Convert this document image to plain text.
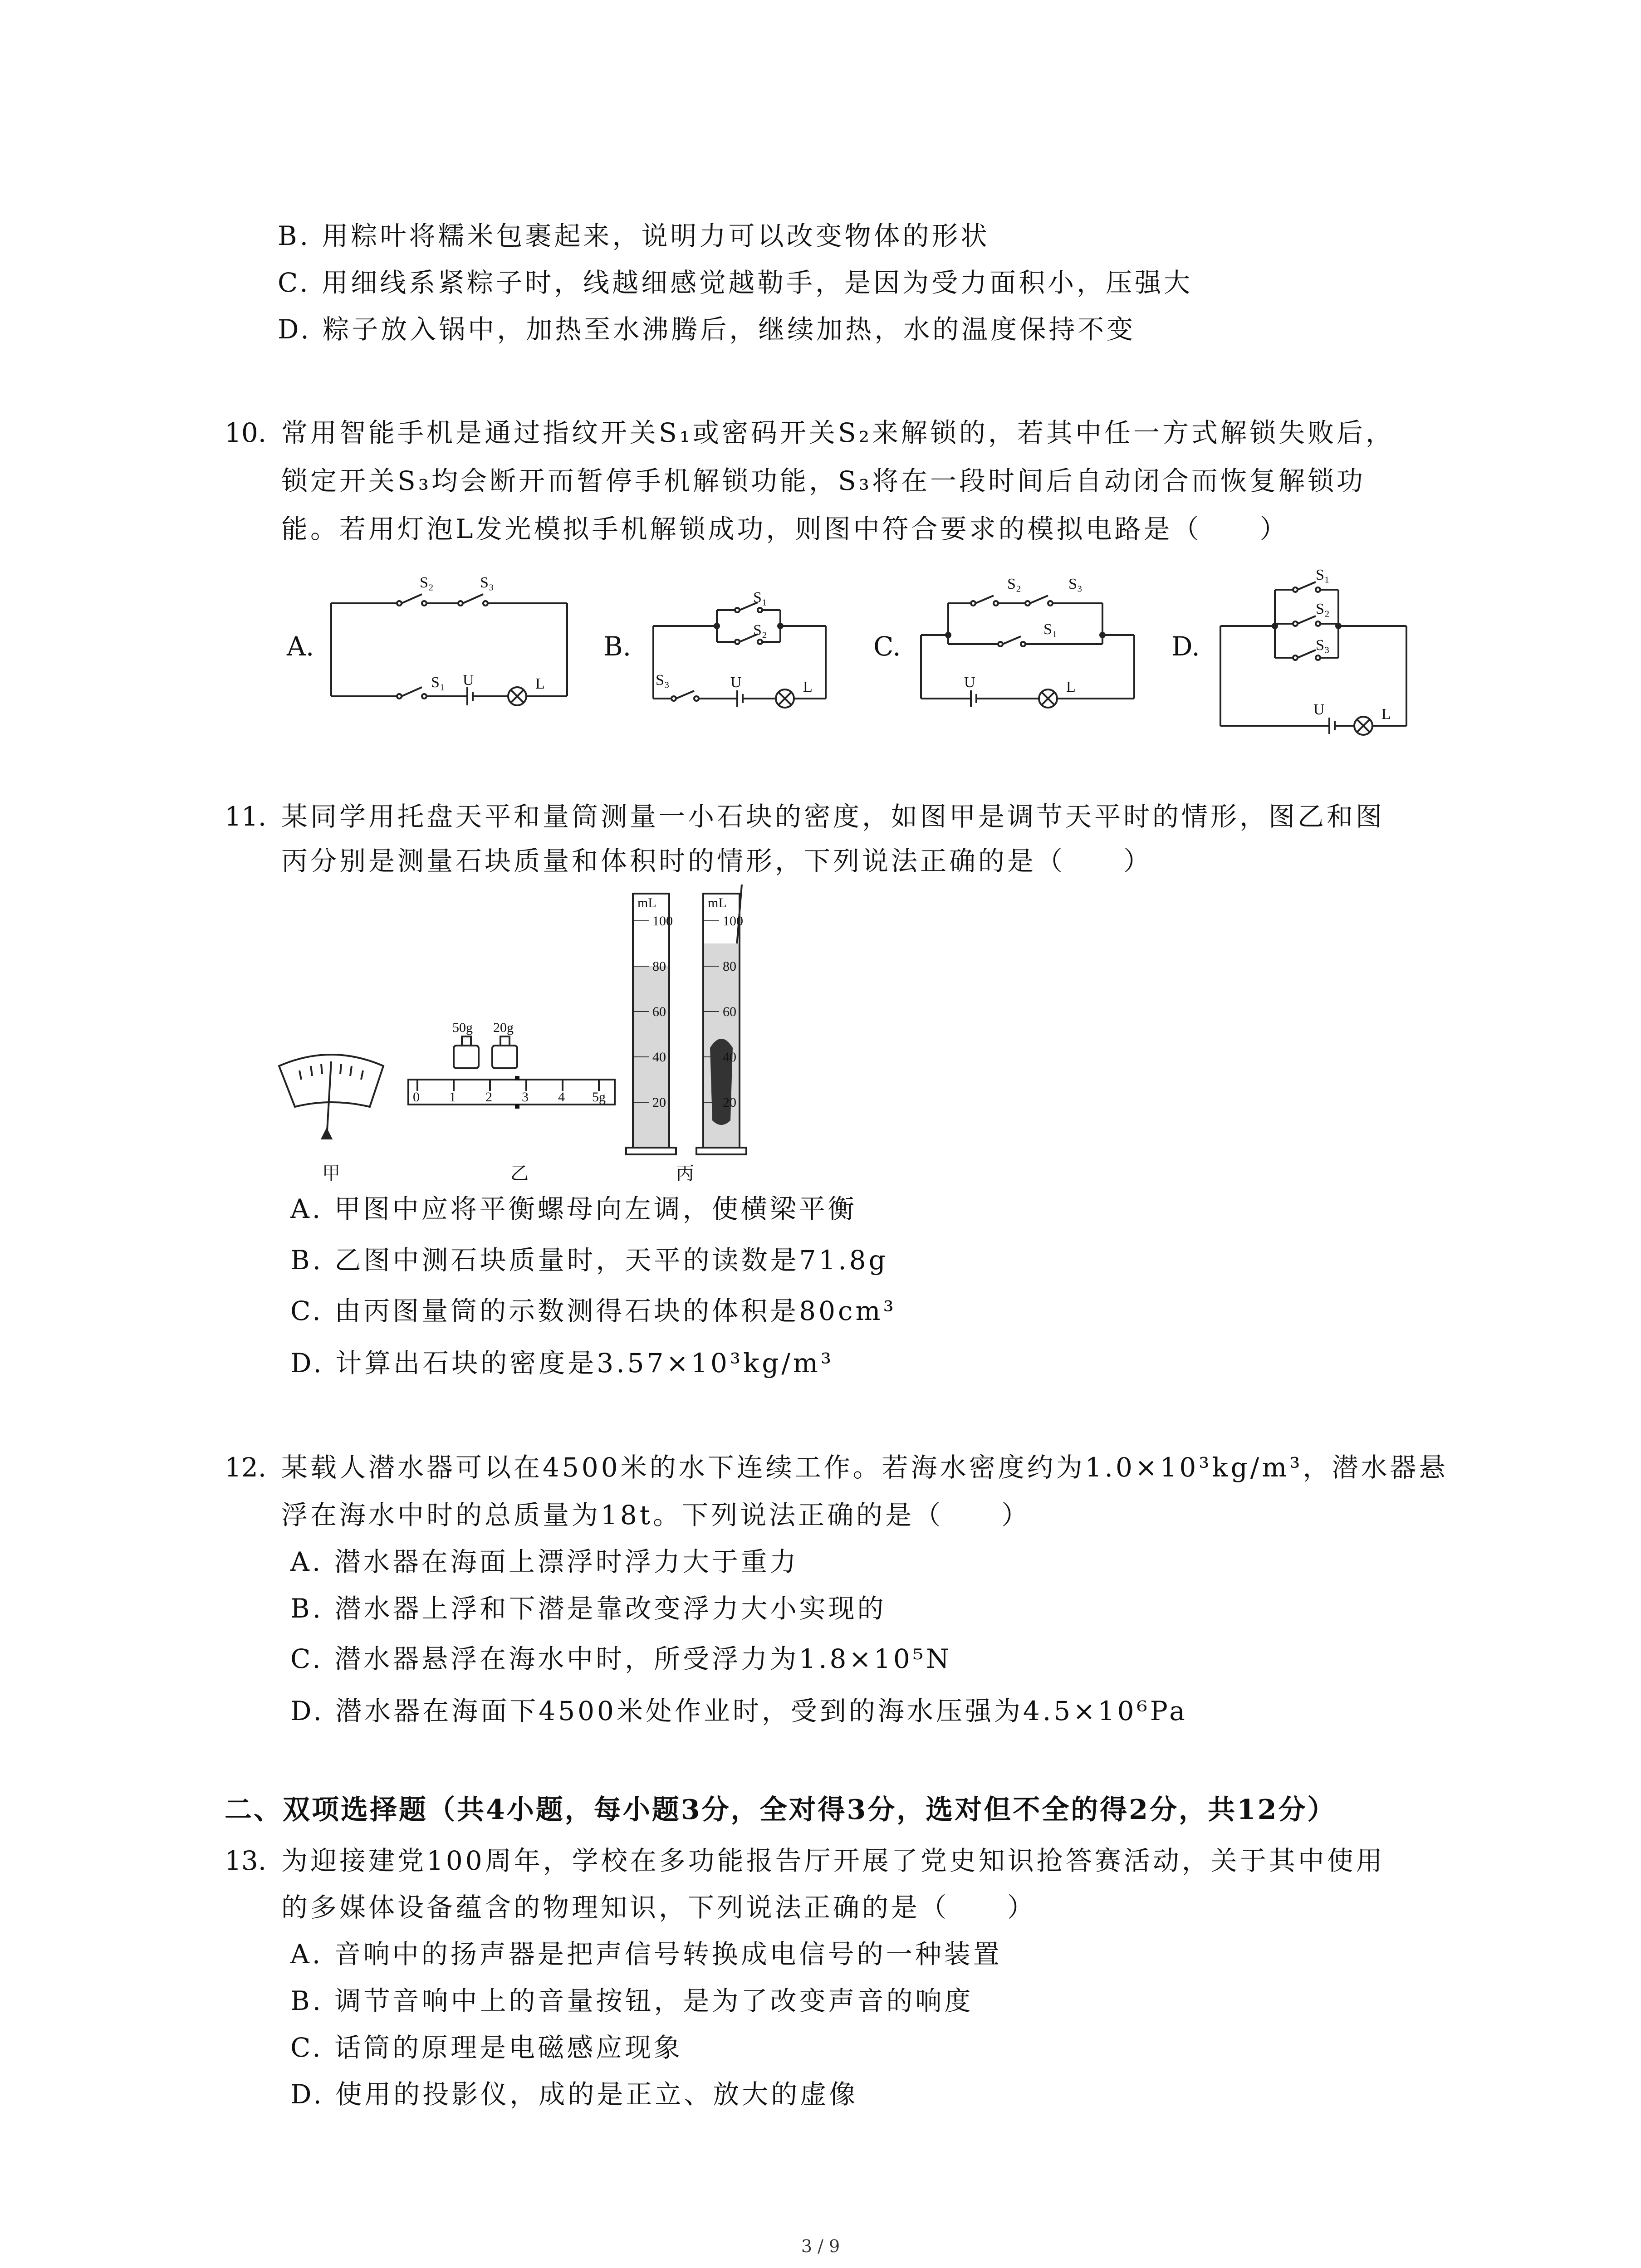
B. 用粽叶将糯米包裹起来，说明力可以改变物体的形状
C. 用细线系紧粽子时，线越细感觉越勒手，是因为受力面积小，压强大
D. 粽子放入锅中，加热至水沸腾后，继续加热，水的温度保持不变
10. 常用智能手机是通过指纹开关S₁或密码开关S₂来解锁的，若其中任一方式解锁失败后，
锁定开关S₃均会断开而暂停手机解锁功能，S₃将在一段时间后自动闭合而恢复解锁功
能。若用灯泡L发光模拟手机解锁成功，则图中符合要求的模拟电路是（　　）
A.	B.	C.	D.
S₂	S₃
S₁ U	L
S₁
S₂
S₃	U	L
S₂	S₃
S₁
U	L
S₁
S₂
S₃
U	L
11. 某同学用托盘天平和量筒测量一小石块的密度，如图甲是调节天平时的情形，图乙和图
丙分别是测量石块质量和体积时的情形，下列说法正确的是（　　）
50g 20g
0 1 2 3 4 5g
mL
100
80
60
40
20
mL
100
80
60
40
20
甲	乙	丙
A. 甲图中应将平衡螺母向左调，使横梁平衡
B. 乙图中测石块质量时，天平的读数是71.8g
C. 由丙图量筒的示数测得石块的体积是80cm³
D. 计算出石块的密度是3.57×10³kg/m³
12. 某载人潜水器可以在4500米的水下连续工作。若海水密度约为1.0×10³kg/m³，潜水器悬
浮在海水中时的总质量为18t。下列说法正确的是（　　）
A. 潜水器在海面上漂浮时浮力大于重力
B. 潜水器上浮和下潜是靠改变浮力大小实现的
C. 潜水器悬浮在海水中时，所受浮力为1.8×10⁵N
D. 潜水器在海面下4500米处作业时，受到的海水压强为4.5×10⁶Pa
二、双项选择题（共4小题，每小题3分，全对得3分，选对但不全的得2分，共12分）
13. 为迎接建党100周年，学校在多功能报告厅开展了党史知识抢答赛活动，关于其中使用
的多媒体设备蕴含的物理知识，下列说法正确的是（　　）
A. 音响中的扬声器是把声信号转换成电信号的一种装置
B. 调节音响中上的音量按钮，是为了改变声音的响度
C. 话筒的原理是电磁感应现象
D. 使用的投影仪，成的是正立、放大的虚像
3 / 9
